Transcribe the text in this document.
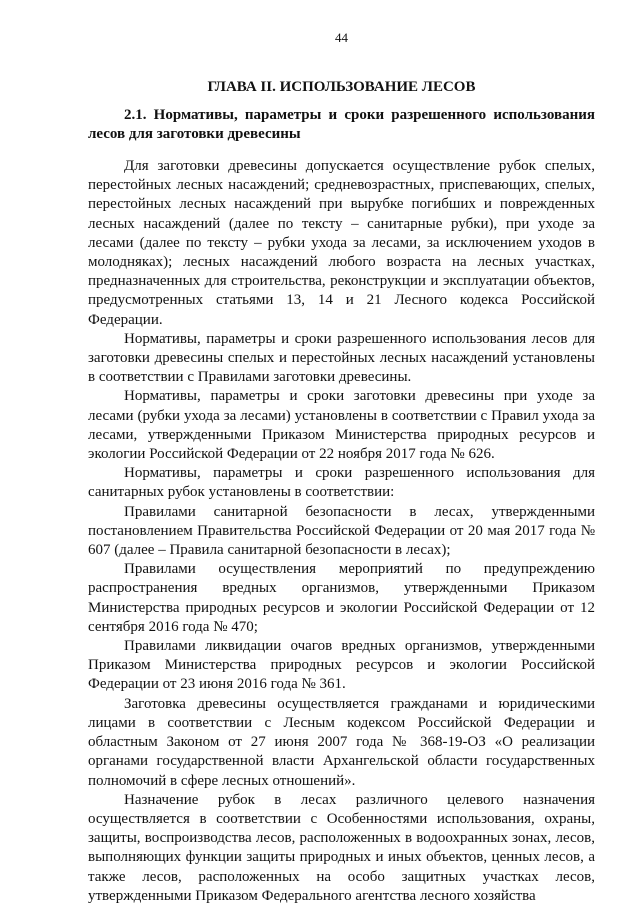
44
ГЛАВА II. ИСПОЛЬЗОВАНИЕ ЛЕСОВ
2.1. Нормативы, параметры и сроки разрешенного использования лесов для заготовки древесины

Для заготовки древесины допускается осуществление рубок спелых, перестойных лесных насаждений; средневозрастных, приспевающих, спелых, перестойных лесных насаждений при вырубке погибших и поврежденных лесных насаждений (далее по тексту – санитарные рубки), при уходе за лесами (далее по тексту – рубки ухода за лесами, за исключением уходов в молодняках); лесных насаждений любого возраста на лесных участках, предназначенных для строительства, реконструкции и эксплуатации объектов, предусмотренных статьями 13, 14 и 21 Лесного кодекса Российской Федерации.

Нормативы, параметры и сроки разрешенного использования лесов для заготовки древесины спелых и перестойных лесных насаждений установлены в соответствии с Правилами заготовки древесины.

Нормативы, параметры и сроки заготовки древесины при уходе за лесами (рубки ухода за лесами) установлены в соответствии с Правил ухода за лесами, утвержденными Приказом Министерства природных ресурсов и экологии Российской Федерации от 22 ноября 2017 года № 626.

Нормативы, параметры и сроки разрешенного использования для санитарных рубок установлены в соответствии:

Правилами санитарной безопасности в лесах, утвержденными постановлением Правительства Российской Федерации от 20 мая 2017 года № 607 (далее – Правила санитарной безопасности в лесах);

Правилами осуществления мероприятий по предупреждению распространения вредных организмов, утвержденными Приказом Министерства природных ресурсов и экологии Российской Федерации от 12 сентября 2016 года № 470;

Правилами ликвидации очагов вредных организмов, утвержденными Приказом Министерства природных ресурсов и экологии Российской Федерации от 23 июня 2016 года № 361.

Заготовка древесины осуществляется гражданами и юридическими лицами в соответствии с Лесным кодексом Российской Федерации и областным Законом от 27 июня 2007 года № 368-19-ОЗ «О реализации органами государственной власти Архангельской области государственных полномочий в сфере лесных отношений».

Назначение рубок в лесах различного целевого назначения осуществляется в соответствии с Особенностями использования, охраны, защиты, воспроизводства лесов, расположенных в водоохранных зонах, лесов, выполняющих функции защиты природных и иных объектов, ценных лесов, а также лесов, расположенных на особо защитных участках лесов, утвержденными Приказом Федерального агентства лесного хозяйства
